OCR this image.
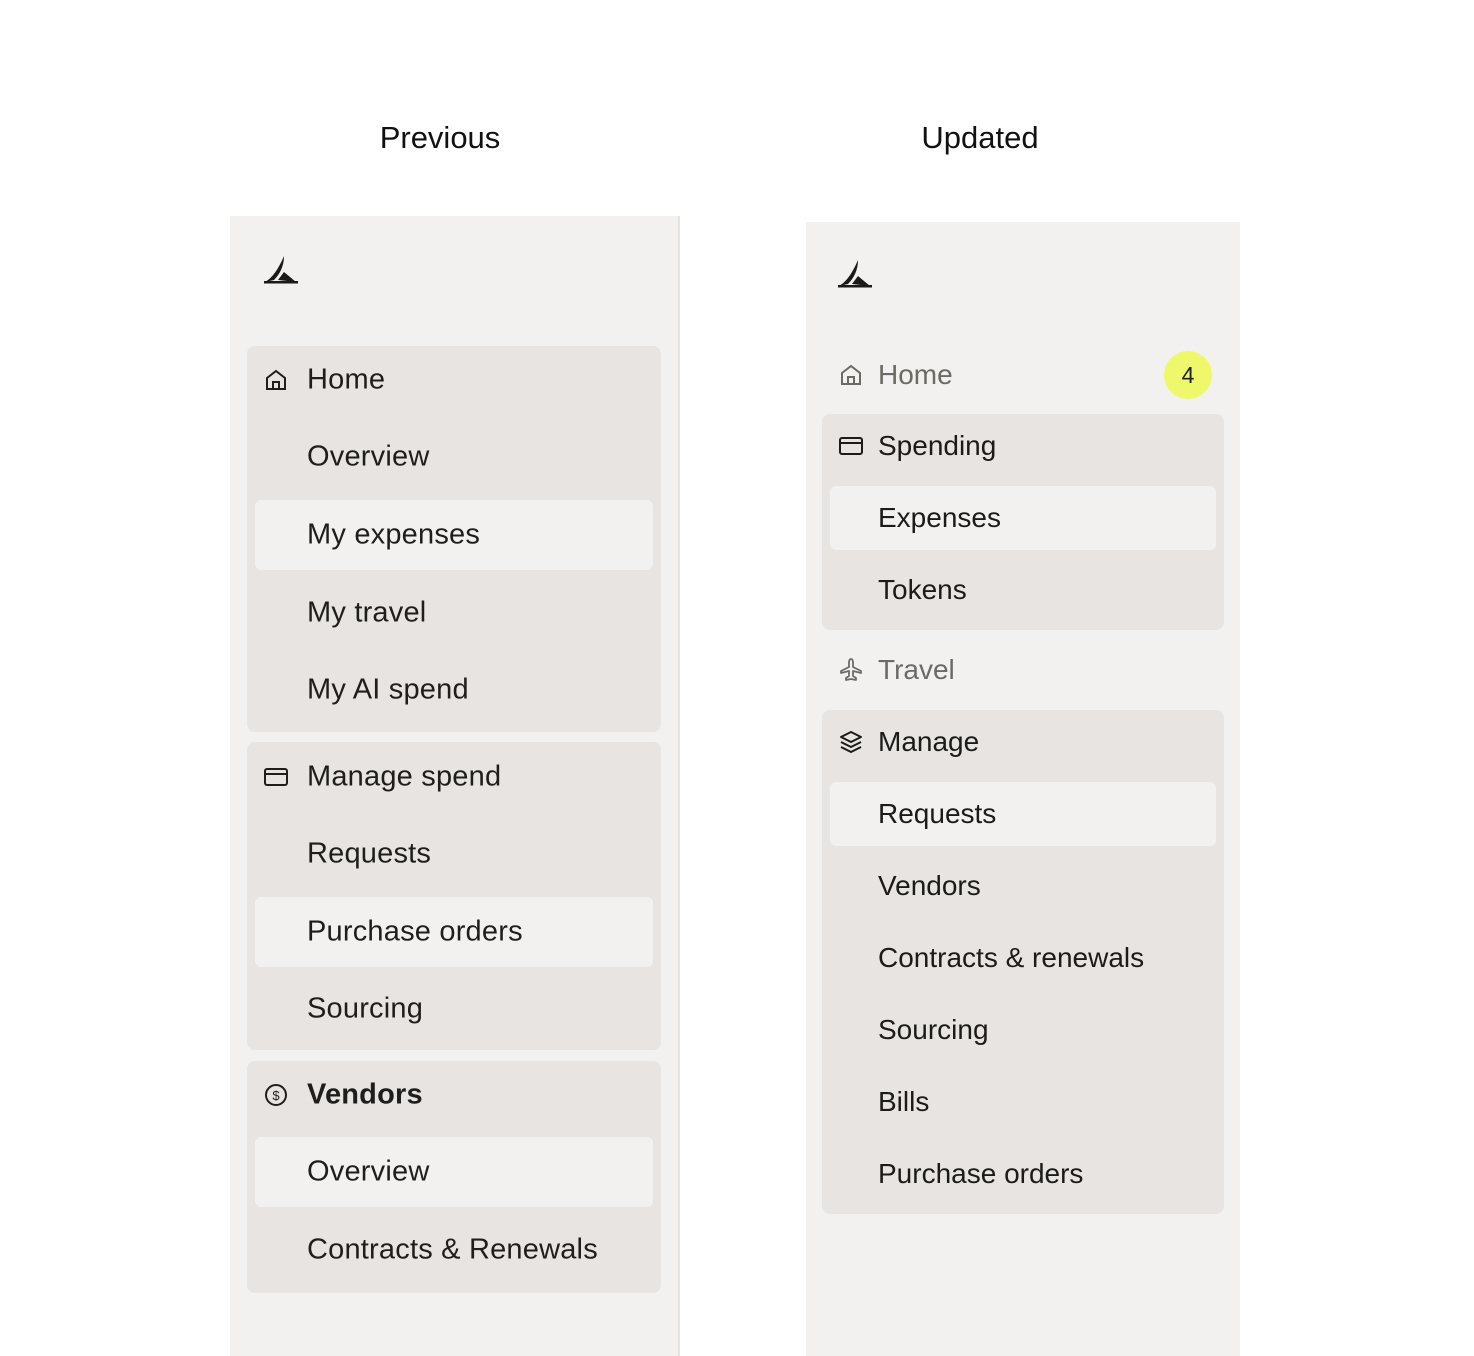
Previous	Updated
Home
Overview
My expenses
My travel
My AI spend
Manage spend
Requests
Purchase orders
Sourcing
$ Vendors
Overview
Contracts & Renewals
Home	4
Spending
Expenses
Tokens
Travel
Manage
Requests
Vendors
Contracts & renewals
Sourcing
Bills
Purchase orders
